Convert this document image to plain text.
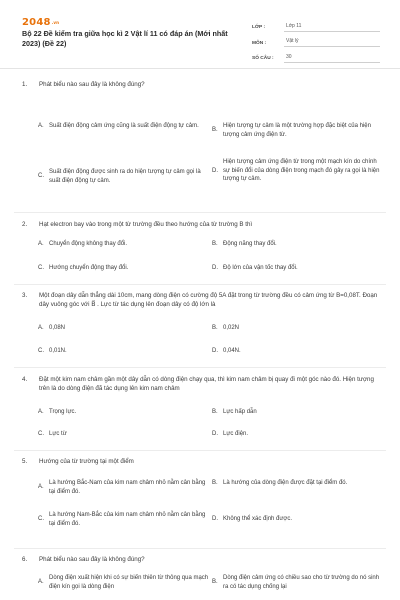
$2048^{.vn}$
Bộ 22 Đề kiểm tra giữa học kì 2 Vật lí 11 có đáp án (Mới nhất 2023) (Đề 22)
LỚP :	Lớp 11
MÔN :	Vật lý
SỐ CÂU :	30
1.	Phát biểu nào sau đây là không đúng?
A. Suất điện động cảm ứng cũng là suất điện động tự cảm.
B.
Hiện tượng tự cảm là một trường hợp đặc biệt của hiện tượng cảm ứng điện từ.
C.
Suất điện động được sinh ra do hiện tượng tự cảm gọi là suất điện động tự cảm.
D.
Hiện tượng cảm ứng điện từ trong một mạch kín do chính sự biến đổi của dòng điện trong mạch đó gây ra gọi là hiện tượng tự cảm.
2.	Hạt electron bay vào trong một từ trường đều theo hướng của từ trường B thì
A. Chuyển động không thay đổi.	B. Động năng thay đổi.
C. Hướng chuyển động thay đổi.	D. Độ lớn của vận tốc thay đổi.
3.	Một đoạn dây dẫn thẳng dài 10cm, mang dòng điện có cường độ 5A đặt trong từ trường đều có cảm ứng từ B=0,08T. Đoạn dây vuông góc với B⃗ . Lực từ tác dụng lên đoạn dây có độ lớn là
A. 0,08N	B. 0,02N
C. 0,01N.	D. 0,04N.
4.	Đặt một kim nam châm gần một dây dẫn có dòng điện chạy qua, thì kim nam châm bị quay đi một góc nào đó. Hiện tượng trên là do dòng điện đã tác dụng lên kim nam châm
A. Trọng lực.	B. Lực hấp dẫn
C. Lực từ	D. Lực điện.
5.	Hướng của từ trường tại một điểm
A.
Là hướng Bắc-Nam của kim nam châm nhỏ nằm cân bằng tại điểm đó.
B. Là hướng của dòng điện được đặt tại điểm đó.
C.
Là hướng Nam-Bắc của kim nam châm nhỏ nằm cân bằng tại điểm đó.
D. Không thể xác định được.
6.	Phát biểu nào sau đây là không đúng?
A.
Dòng điện xuất hiện khi có sự biến thiên từ thông qua mạch điện kín gọi là dòng điện
B.
Dòng điện cảm ứng có chiều sao cho từ trường do nó sinh ra có tác dụng chống lại
